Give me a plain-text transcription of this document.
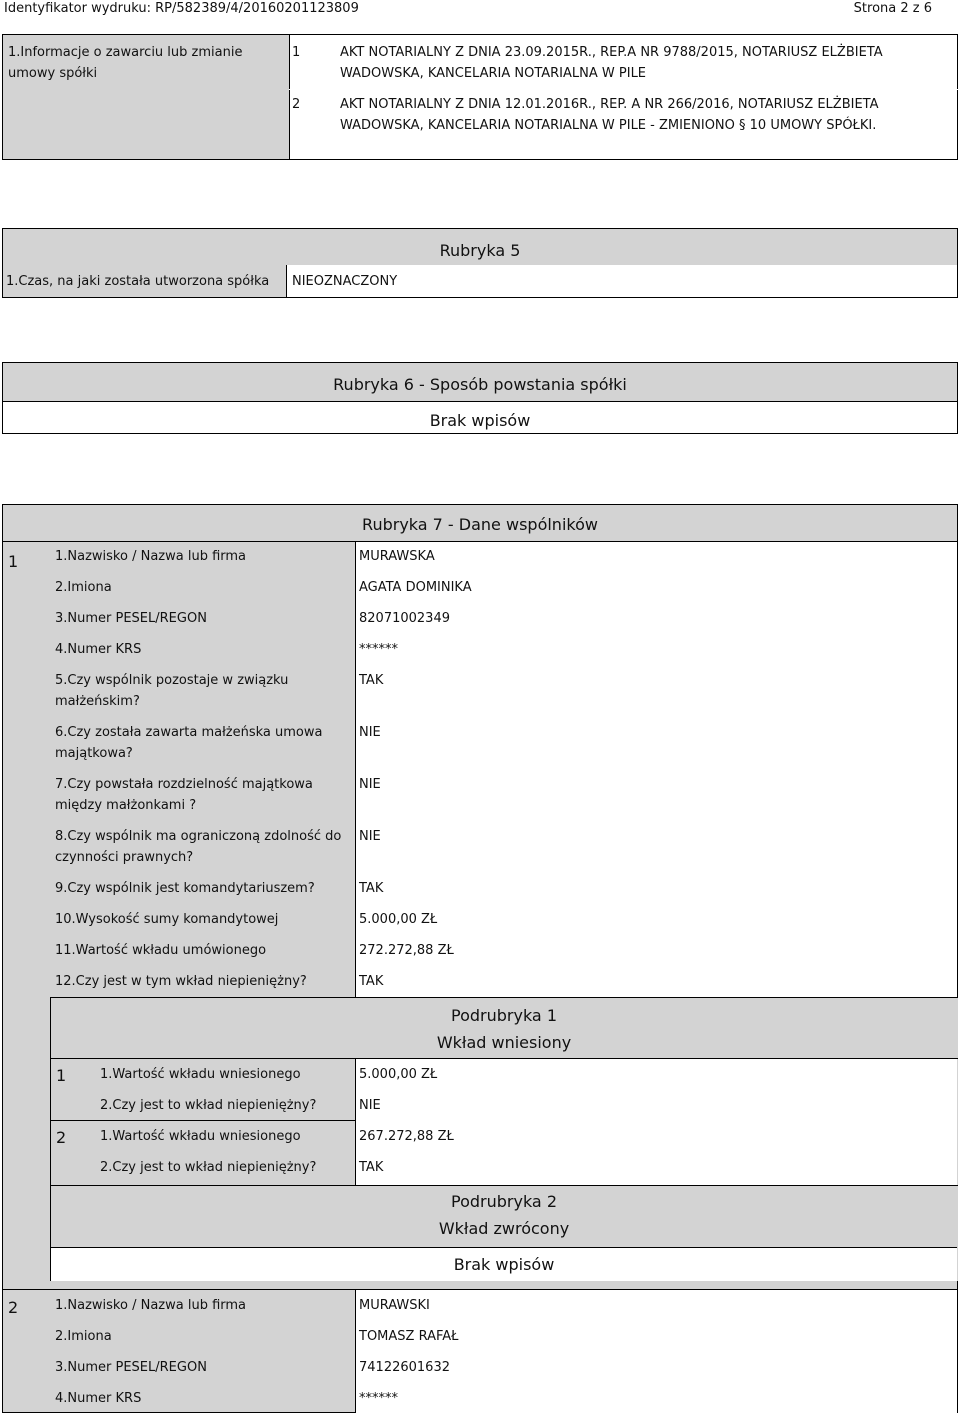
Identyfikator wydruku: RP/582389/4/20160201123809	Strona 2 z 6
1.Informacje o zawarciu lub zmianie umowy spółki
1	AKT NOTARIALNY Z DNIA 23.09.2015R., REP.A NR 9788/2015, NOTARIUSZ ELŻBIETA WADOWSKA, KANCELARIA NOTARIALNA W PILE
2	AKT NOTARIALNY Z DNIA 12.01.2016R., REP. A NR 266/2016, NOTARIUSZ ELŻBIETA WADOWSKA, KANCELARIA NOTARIALNA W PILE - ZMIENIONO § 10 UMOWY SPÓŁKI.
Rubryka 5
1.Czas, na jaki została utworzona spółka NIEOZNACZONY
Rubryka 6 - Sposób powstania spółki
Brak wpisów
Rubryka 7 - Dane wspólników
1	1.Nazwisko / Nazwa lub firma	MURAWSKA
2.Imiona	AGATA DOMINIKA
3.Numer PESEL/REGON	82071002349
4.Numer KRS	******
5.Czy wspólnik pozostaje w związku małżeńskim?
TAK
6.Czy została zawarta małżeńska umowa majątkowa?
NIE
7.Czy powstała rozdzielność majątkowa między małżonkami ?
NIE
8.Czy wspólnik ma ograniczoną zdolność do czynności prawnych?
NIE
9.Czy wspólnik jest komandytariuszem?	TAK
10.Wysokość sumy komandytowej	5.000,00 ZŁ
11.Wartość wkładu umówionego	272.272,88 ZŁ
12.Czy jest w tym wkład niepieniężny?	TAK
Podrubryka 1
Wkład wniesiony
1	1.Wartość wkładu wniesionego	5.000,00 ZŁ
2.Czy jest to wkład niepieniężny?	NIE
2	1.Wartość wkładu wniesionego	267.272,88 ZŁ
2.Czy jest to wkład niepieniężny?	TAK
Podrubryka 2
Wkład zwrócony
Brak wpisów
2	1.Nazwisko / Nazwa lub firma	MURAWSKI
2.Imiona	TOMASZ RAFAŁ
3.Numer PESEL/REGON	74122601632
4.Numer KRS	******
